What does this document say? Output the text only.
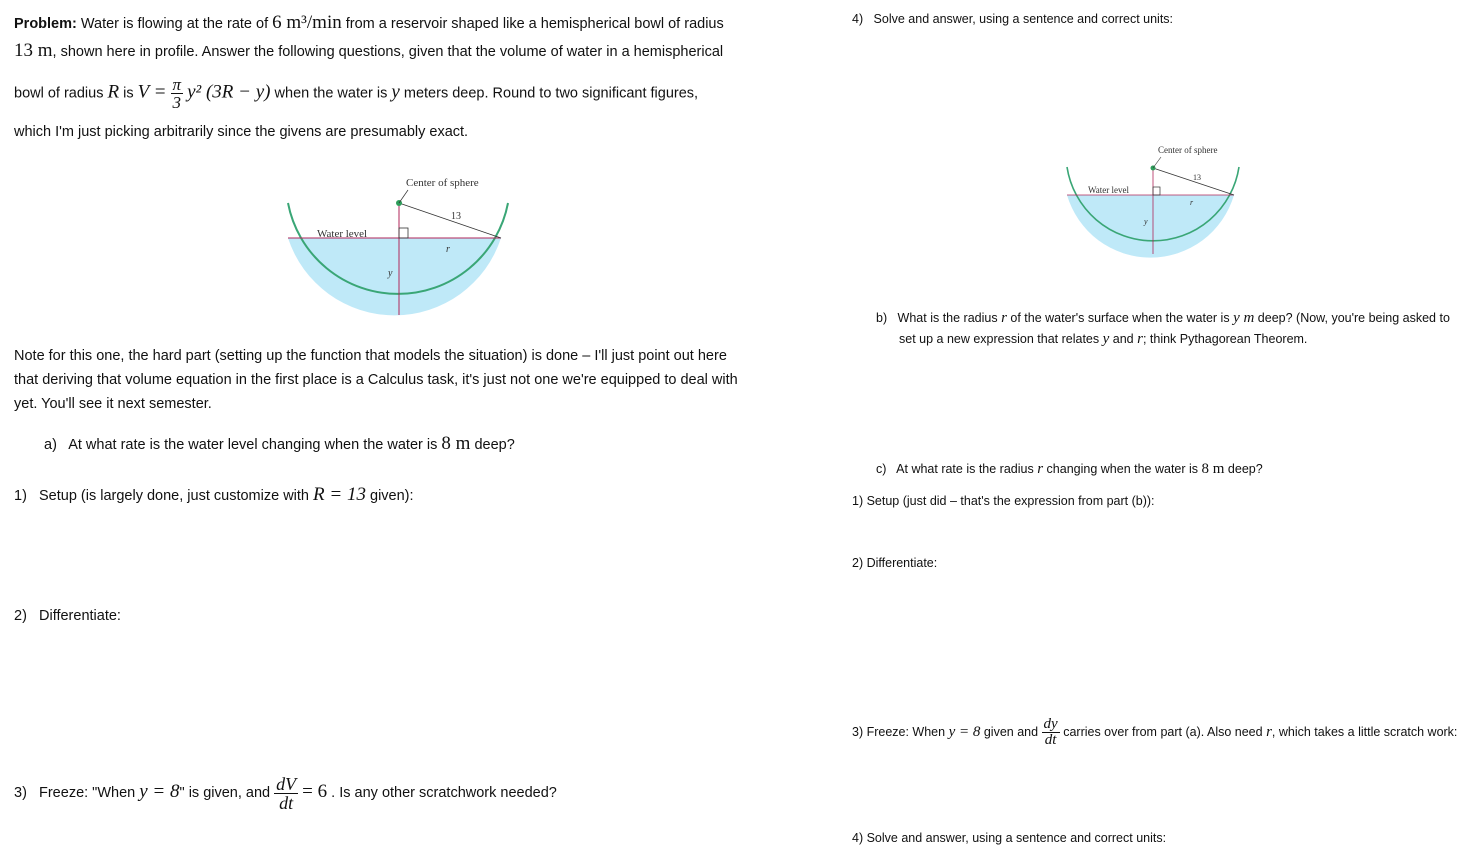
Problem: Water is flowing at the rate of 6 m³/min from a reservoir shaped like a hemispherical bowl of radius
13 m, shown here in profile. Answer the following questions, given that the volume of water in a hemispherical
bowl of radius R is $V = \frac{\pi}{3} y^2$ (3R − y) when the water is y meters deep. Round to two significant figures,
which I'm just picking arbitrarily since the givens are presumably exact.
Center of sphere
Water level
13
r
y
Note for this one, the hard part (setting up the function that models the situation) is done – I'll just point out here
that deriving that volume equation in the first place is a Calculus task, it's just not one we're equipped to deal with
yet. You'll see it next semester.
a) At what rate is the water level changing when the water is 8 m deep?
1) Setup (is largely done, just customize with R = 13 given):
2) Differentiate:
3) Freeze: "When y = 8" is given, and $\frac{dV}{dt} = 6$ . Is any other scratchwork needed?
4) Solve and answer, using a sentence and correct units:
Center of sphere
Water level
13
r
y
b) What is the radius r of the water's surface when the water is y m deep? (Now, you're being asked to
set up a new expression that relates y and r; think Pythagorean Theorem.
c) At what rate is the radius r changing when the water is 8 m deep?
1) Setup (just did – that's the expression from part (b)):
2) Differentiate:
3) Freeze: When y = 8 given and $\frac{dy}{dt}$ carries over from part (a). Also need r, which takes a little scratch work:
4) Solve and answer, using a sentence and correct units:
